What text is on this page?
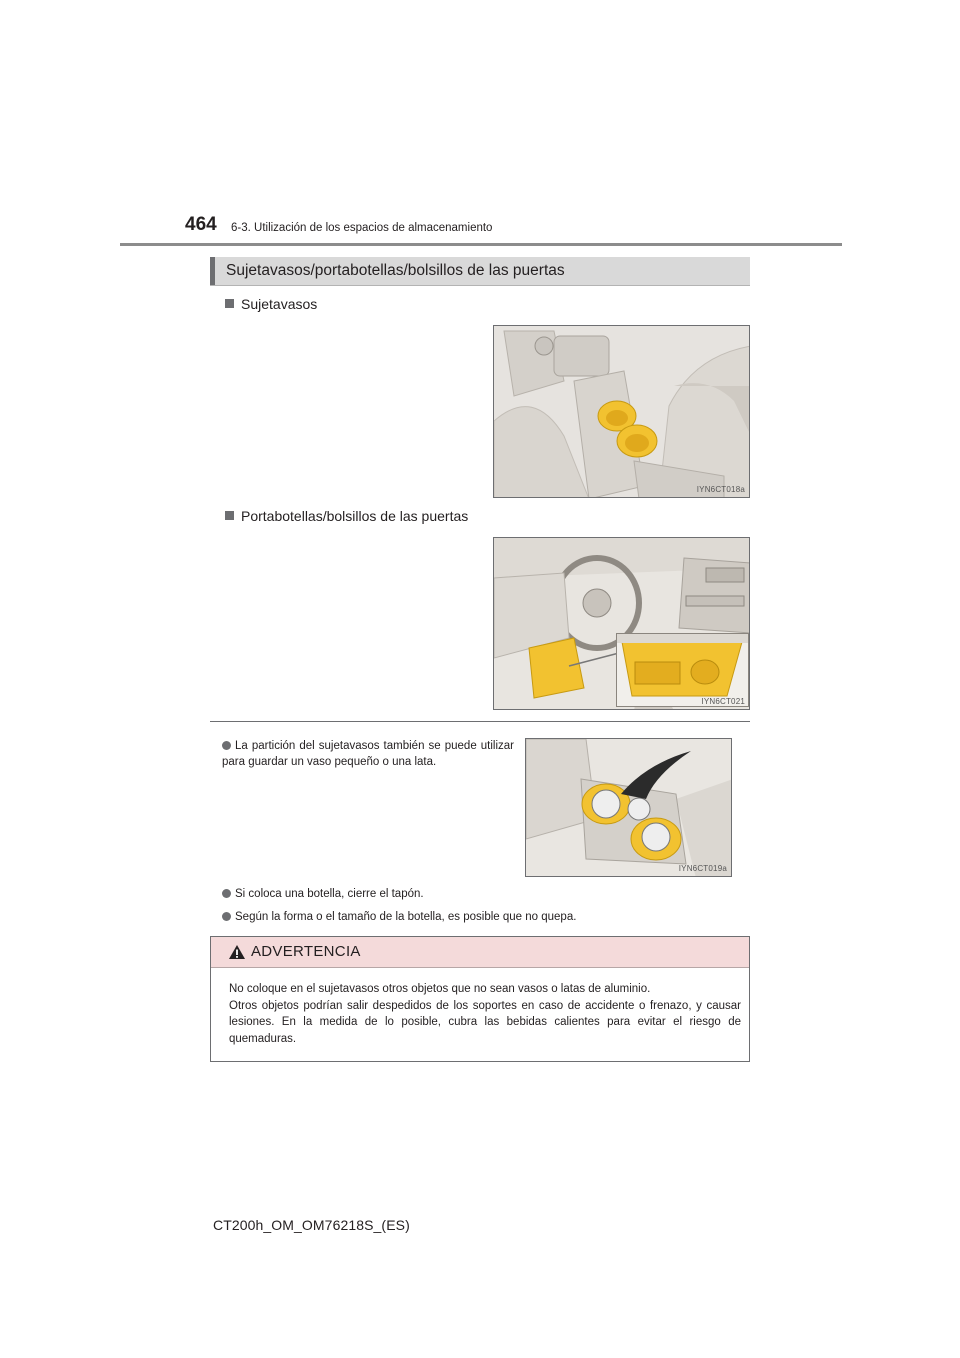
464 6-3. Utilización de los espacios de almacenamiento
Sujetavasos/portabotellas/bolsillos de las puertas
Sujetavasos
IYN6CT018a
Portabotellas/bolsillos de las puertas
IYN6CT021
La partición del sujetavasos también se puede utilizar para guardar un vaso pequeño o una lata.
IYN6CT019a
Si coloca una botella, cierre el tapón.
Según la forma o el tamaño de la botella, es posible que no quepa.
ADVERTENCIA
No coloque en el sujetavasos otros objetos que no sean vasos o latas de aluminio.
Otros objetos podrían salir despedidos de los soportes en caso de accidente o frenazo, y causar lesiones. En la medida de lo posible, cubra las bebidas calientes para evitar el riesgo de quemaduras.
CT200h_OM_OM76218S_(ES)
